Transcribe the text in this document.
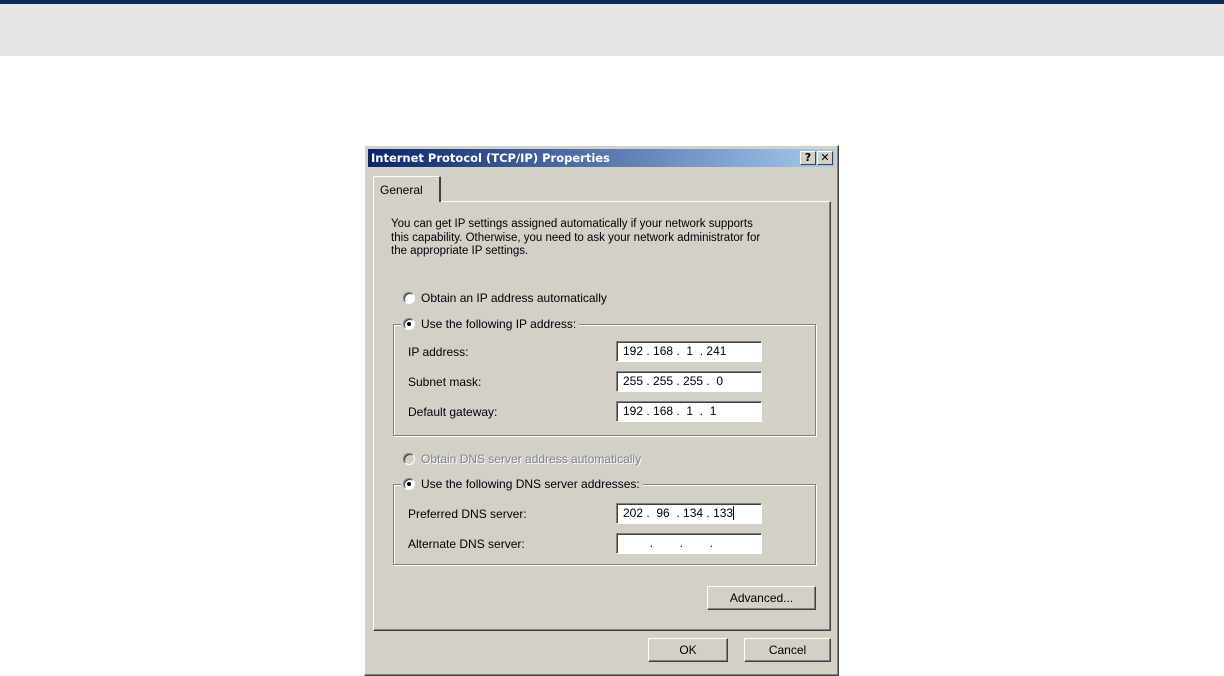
Internet Protocol (TCP/IP) Properties	? ✕
General
You can get IP settings assigned automatically if your network supports
this capability. Otherwise, you need to ask your network administrator for
the appropriate IP settings.
Obtain an IP address automatically
Use the following IP address:
IP address:	192 . 168 .  1  . 241
Subnet mask:	255 . 255 . 255 .  0
Default gateway:	192 . 168 .  1  .  1
Obtain DNS server address automatically
Use the following DNS server addresses:
Preferred DNS server:	202 .  96  . 134 . 133
Alternate DNS server:	.        .        .
Advanced...
OK	Cancel
